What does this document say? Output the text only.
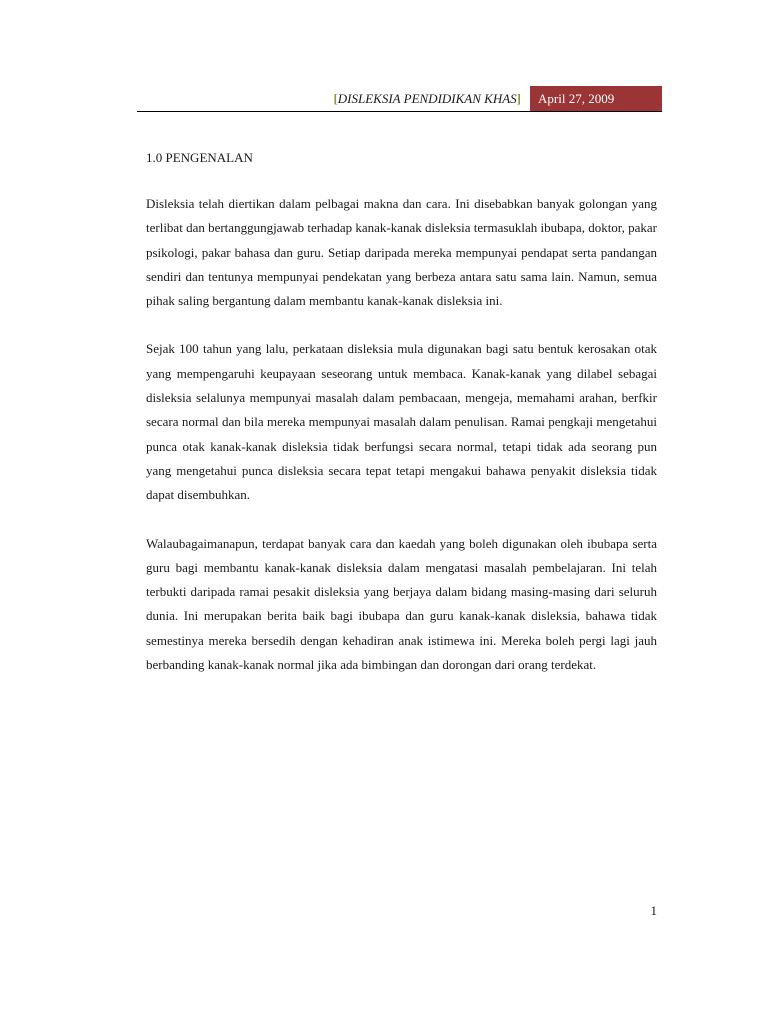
[DISLEKSIA PENDIDIKAN KHAS]	April 27, 2009
1.0 PENGENALAN

Disleksia telah diertikan dalam pelbagai makna dan cara. Ini disebabkan banyak golongan yang terlibat dan bertanggungjawab terhadap kanak-kanak disleksia termasuklah ibubapa, doktor, pakar psikologi, pakar bahasa dan guru. Setiap daripada mereka mempunyai pendapat serta pandangan sendiri dan tentunya mempunyai pendekatan yang berbeza antara satu sama lain. Namun, semua pihak saling bergantung dalam membantu kanak-kanak disleksia ini.

Sejak 100 tahun yang lalu, perkataan disleksia mula digunakan bagi satu bentuk kerosakan otak yang mempengaruhi keupayaan seseorang untuk membaca. Kanak-kanak yang dilabel sebagai disleksia selalunya mempunyai masalah dalam pembacaan, mengeja, memahami arahan, berfkir secara normal dan bila mereka mempunyai masalah dalam penulisan. Ramai pengkaji mengetahui punca otak kanak-kanak disleksia tidak berfungsi secara normal, tetapi tidak ada seorang pun yang mengetahui punca disleksia secara tepat tetapi mengakui bahawa penyakit disleksia tidak dapat disembuhkan.

Walaubagaimanapun, terdapat banyak cara dan kaedah yang boleh digunakan oleh ibubapa serta guru bagi membantu kanak-kanak disleksia dalam mengatasi masalah pembelajaran. Ini telah terbukti daripada ramai pesakit disleksia yang berjaya dalam bidang masing-masing dari seluruh dunia. Ini merupakan berita baik bagi ibubapa dan guru kanak-kanak disleksia, bahawa tidak semestinya mereka bersedih dengan kehadiran anak istimewa ini. Mereka boleh pergi lagi jauh berbanding kanak-kanak normal jika ada bimbingan dan dorongan dari orang terdekat.

1
